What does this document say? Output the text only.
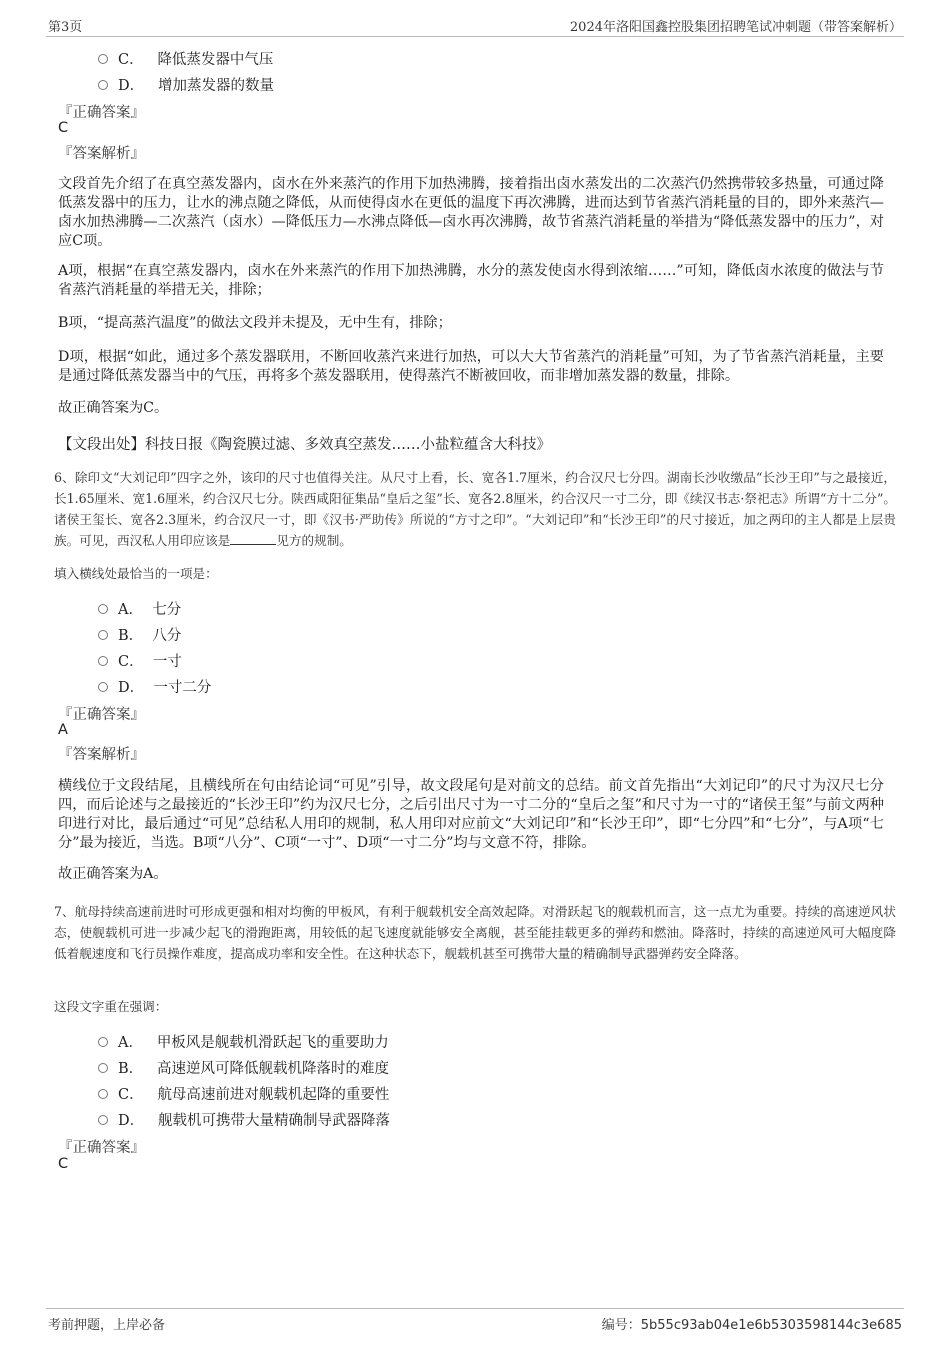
第3页	2024年洛阳国鑫控股集团招聘笔试冲刺题（带答案解析）
C． 降低蒸发器中气压
D． 增加蒸发器的数量
『正确答案』
C
『答案解析』
文段首先介绍了在真空蒸发器内，卤水在外来蒸汽的作用下加热沸腾，接着指出卤水蒸发出的二次蒸汽仍然携带较多热量，可通过降低蒸发器中的压力，让水的沸点随之降低，从而使得卤水在更低的温度下再次沸腾，进而达到节省蒸汽消耗量的目的，即外来蒸汽—卤水加热沸腾—二次蒸汽（卤水）—降低压力—水沸点降低—卤水再次沸腾，故节省蒸汽消耗量的举措为“降低蒸发器中的压力”，对应C项。
A项，根据“在真空蒸发器内，卤水在外来蒸汽的作用下加热沸腾，水分的蒸发使卤水得到浓缩……”可知，降低卤水浓度的做法与节省蒸汽消耗量的举措无关，排除；
B项，“提高蒸汽温度”的做法文段并未提及，无中生有，排除；
D项，根据“如此，通过多个蒸发器联用，不断回收蒸汽来进行加热，可以大大节省蒸汽的消耗量”可知，为了节省蒸汽消耗量，主要是通过降低蒸发器当中的气压，再将多个蒸发器联用，使得蒸汽不断被回收，而非增加蒸发器的数量，排除。
故正确答案为C。
【文段出处】科技日报《陶瓷膜过滤、多效真空蒸发……小盐粒蕴含大科技》
6、除印文“大刘记印”四字之外，该印的尺寸也值得关注。从尺寸上看，长、宽各1.7厘米，约合汉尺七分四。湖南长沙收缴品“长沙王印”与之最接近，长1.65厘米、宽1.6厘米，约合汉尺七分。陕西咸阳征集品“皇后之玺”长、宽各2.8厘米，约合汉尺一寸二分，即《续汉书志·祭祀志》所谓“方十二分”。诸侯王玺长、宽各2.3厘米，约合汉尺一寸，即《汉书·严助传》所说的“方寸之印”。“大刘记印”和“长沙王印”的尺寸接近，加之两印的主人都是上层贵族。可见，西汉私人用印应该是	见方的规制。
填入横线处最恰当的一项是：
A． 七分
B． 八分
C． 一寸
D． 一寸二分
『正确答案』
A
『答案解析』
横线位于文段结尾，且横线所在句由结论词“可见”引导，故文段尾句是对前文的总结。前文首先指出“大刘记印”的尺寸为汉尺七分四，而后论述与之最接近的“长沙王印”约为汉尺七分，之后引出尺寸为一寸二分的“皇后之玺”和尺寸为一寸的“诸侯王玺”与前文两种印进行对比，最后通过“可见”总结私人用印的规制，私人用印对应前文“大刘记印”和“长沙王印”，即“七分四”和“七分”，与A项“七分”最为接近，当选。B项“八分”、C项“一寸”、D项“一寸二分”均与文意不符，排除。
故正确答案为A。
7、航母持续高速前进时可形成更强和相对均衡的甲板风，有利于舰载机安全高效起降。对滑跃起飞的舰载机而言，这一点尤为重要。持续的高速逆风状态，使舰载机可进一步减少起飞的滑跑距离，用较低的起飞速度就能够安全离舰，甚至能挂载更多的弹药和燃油。降落时，持续的高速逆风可大幅度降低着舰速度和飞行员操作难度，提高成功率和安全性。在这种状态下，舰载机甚至可携带大量的精确制导武器弹药安全降落。
这段文字重在强调：
A． 甲板风是舰载机滑跃起飞的重要助力
B． 高速逆风可降低舰载机降落时的难度
C． 航母高速前进对舰载机起降的重要性
D． 舰载机可携带大量精确制导武器降落
『正确答案』
C
考前押题，上岸必备	编号：5b55c93ab04e1e6b5303598144c3e685
